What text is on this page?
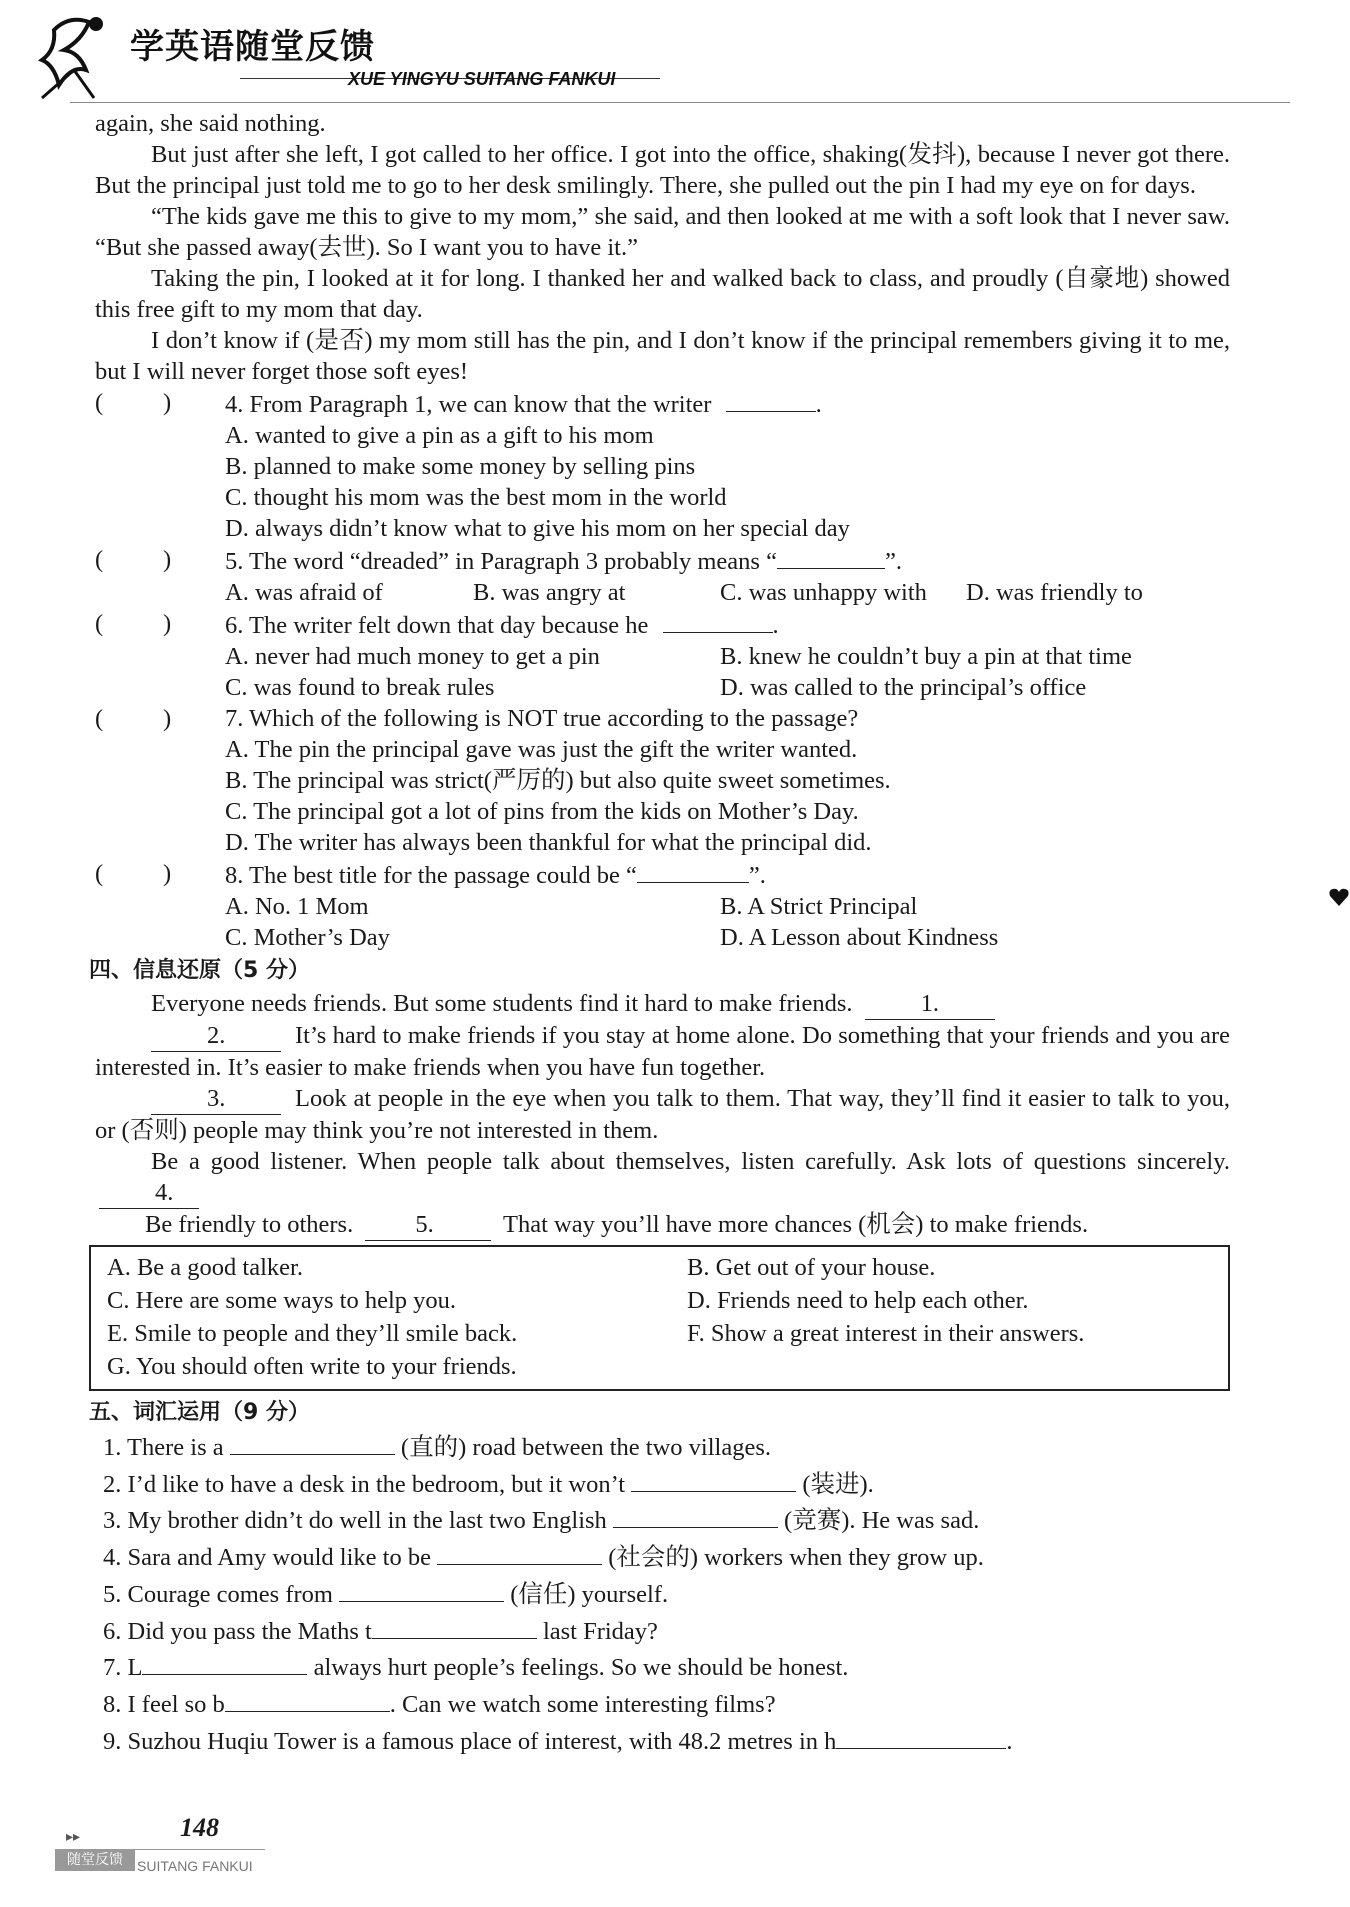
学英语随堂反馈
XUE YINGYU SUITANG FANKUI

again, she said nothing.

But just after she left, I got called to her office. I got into the office, shaking(发抖), because I never got there. But the principal just told me to go to her desk smilingly. There, she pulled out the pin I had my eye on for days.

“The kids gave me this to give to my mom,” she said, and then looked at me with a soft look that I never saw. “But she passed away(去世). So I want you to have it.”

Taking the pin, I looked at it for long. I thanked her and walked back to class, and proudly (自豪地) showed this free gift to my mom that day.

I don’t know if (是否) my mom still has the pin, and I don’t know if the principal remembers giving it to me, but I will never forget those soft eyes!

( ) 4. From Paragraph 1, we can know that the writer	.

A. wanted to give a pin as a gift to his mom

B. planned to make some money by selling pins

C. thought his mom was the best mom in the world

D. always didn’t know what to give his mom on her special day

( ) 5. The word “dreaded” in Paragraph 3 probably means “	”.

A. was afraid of	B. was angry at	C. was unhappy with	D. was friendly to

( ) 6. The writer felt down that day because he	.

A. never had much money to get a pin	B. knew he couldn’t buy a pin at that time
C. was found to break rules	D. was called to the principal’s office

( ) 7. Which of the following is NOT true according to the passage?

A. The pin the principal gave was just the gift the writer wanted.

B. The principal was strict(严厉的) but also quite sweet sometimes.

C. The principal got a lot of pins from the kids on Mother’s Day.

D. The writer has always been thankful for what the principal did.

( ) 8. The best title for the passage could be “	”.

A. No. 1 Mom	B. A Strict Principal
C. Mother’s Day	D. A Lesson about Kindness
四、信息还原（5 分）

Everyone needs friends. But some students find it hard to make friends.	1.

2.	It’s hard to make friends if you stay at home alone. Do something that your friends and you are interested in. It’s easier to make friends when you have fun together.

3.	Look at people in the eye when you talk to them. That way, they’ll find it easier to talk to you, or (否则) people may think you’re not interested in them.

Be a good listener. When people talk about themselves, listen carefully. Ask lots of questions sincerely. 4.

Be friendly to others.	5.	That way you’ll have more chances (机会) to make friends.

A. Be a good talker.	B. Get out of your house.
C. Here are some ways to help you.	D. Friends need to help each other.
E. Smile to people and they’ll smile back.	F. Show a great interest in their answers.
G. You should often write to your friends.
五、词汇运用（9 分）

1. There is a	(直的) road between the two villages.

2. I’d like to have a desk in the bedroom, but it won’t	(装进).

3. My brother didn’t do well in the last two English	(竞赛). He was sad.

4. Sara and Amy would like to be	(社会的) workers when they grow up.

5. Courage comes from	(信任) yourself.

6. Did you pass the Maths t	last Friday?

7. L	always hurt people’s feelings. So we should be honest.

8. I feel so b	. Can we watch some interesting films?

9. Suzhou Huqiu Tower is a famous place of interest, with 48.2 metres in h	.

▸▸	148
随堂反馈	SUITANG FANKUI
